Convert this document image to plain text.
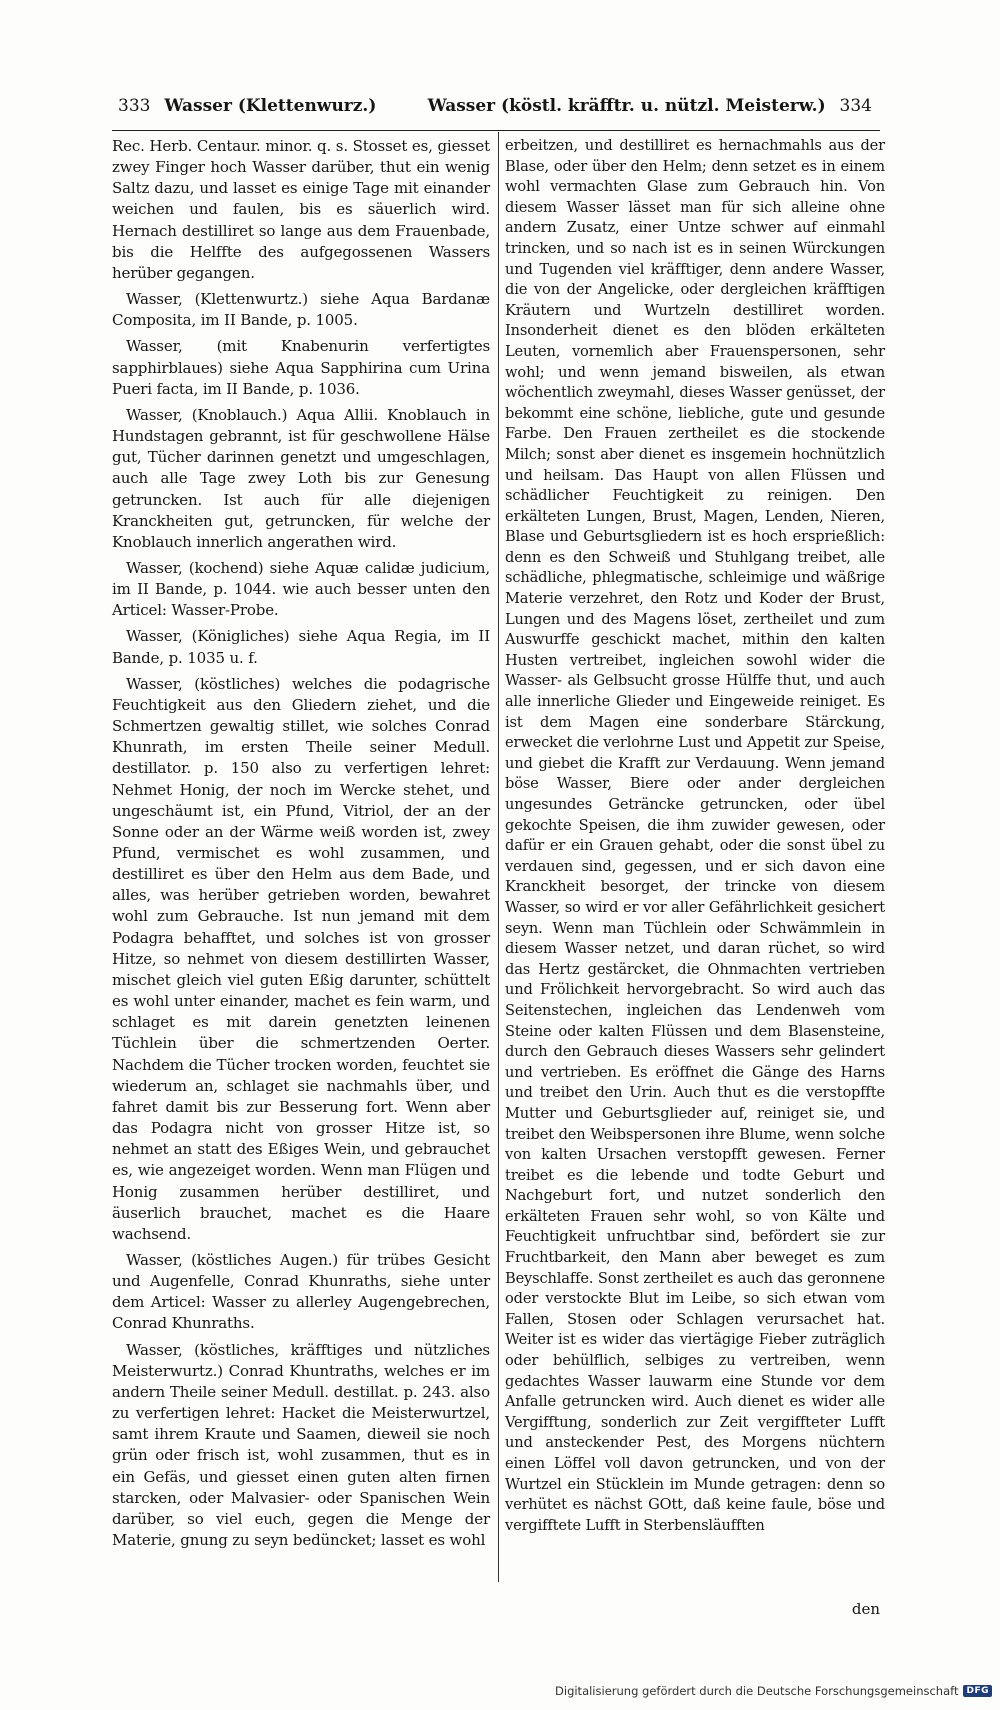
333 Wasser (Klettenwurz.)	Wasser (köstl. kräfftr. u. nützl. Meisterw.) 334

Rec. Herb. Centaur. minor. q. s. Stosset es, giesset zwey Finger hoch Wasser darüber, thut ein wenig Saltz dazu, und lasset es einige Tage mit einander weichen und faulen, bis es säuerlich wird. Hernach destilliret so lange aus dem Frauenbade, bis die Helffte des aufgegossenen Wassers herüber gegangen.

Wasser, (Klettenwurtz.) siehe Aqua Bardanæ Composita, im II Bande, p. 1005.

Wasser, (mit Knabenurin verfertigtes sapphirblaues) siehe Aqua Sapphirina cum Urina Pueri facta, im II Bande, p. 1036.

Wasser, (Knoblauch.) Aqua Allii. Knoblauch in Hundstagen gebrannt, ist für geschwollene Hälse gut, Tücher darinnen genetzt und umgeschlagen, auch alle Tage zwey Loth bis zur Genesung getruncken. Ist auch für alle diejenigen Kranckheiten gut, getruncken, für welche der Knoblauch innerlich angerathen wird.

Wasser, (kochend) siehe Aquæ calidæ judicium, im II Bande, p. 1044. wie auch besser unten den Articel: Wasser-Probe.

Wasser, (Königliches) siehe Aqua Regia, im II Bande, p. 1035 u. f.

Wasser, (köstliches) welches die podagrische Feuchtigkeit aus den Gliedern ziehet, und die Schmertzen gewaltig stillet, wie solches Conrad Khunrath, im ersten Theile seiner Medull. destillator. p. 150 also zu verfertigen lehret: Nehmet Honig, der noch im Wercke stehet, und ungeschäumt ist, ein Pfund, Vitriol, der an der Sonne oder an der Wärme weiß worden ist, zwey Pfund, vermischet es wohl zusammen, und destilliret es über den Helm aus dem Bade, und alles, was herüber getrieben worden, bewahret wohl zum Gebrauche. Ist nun jemand mit dem Podagra behafftet, und solches ist von grosser Hitze, so nehmet von diesem destillirten Wasser, mischet gleich viel guten Eßig darunter, schüttelt es wohl unter einander, machet es fein warm, und schlaget es mit darein genetzten leinenen Tüchlein über die schmertzenden Oerter. Nachdem die Tücher trocken worden, feuchtet sie wiederum an, schlaget sie nachmahls über, und fahret damit bis zur Besserung fort. Wenn aber das Podagra nicht von grosser Hitze ist, so nehmet an statt des Eßiges Wein, und gebrauchet es, wie angezeiget worden. Wenn man Flügen und Honig zusammen herüber destilliret, und äuserlich brauchet, machet es die Haare wachsend.

Wasser, (köstliches Augen.) für trübes Gesicht und Augenfelle, Conrad Khunraths, siehe unter dem Articel: Wasser zu allerley Augengebrechen, Conrad Khunraths.

Wasser, (köstliches, kräfftiges und nützliches Meisterwurtz.) Conrad Khuntraths, welches er im andern Theile seiner Medull. destillat. p. 243. also zu verfertigen lehret: Hacket die Meisterwurtzel, samt ihrem Kraute und Saamen, dieweil sie noch grün oder frisch ist, wohl zusammen, thut es in ein Gefäs, und giesset einen guten alten firnen starcken, oder Malvasier- oder Spanischen Wein darüber, so viel euch, gegen die Menge der Materie, gnung zu seyn bedüncket; lasset es wohl

erbeitzen, und destilliret es hernachmahls aus der Blase, oder über den Helm; denn setzet es in einem wohl vermachten Glase zum Gebrauch hin. Von diesem Wasser lässet man für sich alleine ohne andern Zusatz, einer Untze schwer auf einmahl trincken, und so nach ist es in seinen Würckungen und Tugenden viel kräfftiger, denn andere Wasser, die von der Angelicke, oder dergleichen kräfftigen Kräutern und Wurtzeln destilliret worden. Insonderheit dienet es den blöden erkälteten Leuten, vornemlich aber Frauenspersonen, sehr wohl; und wenn jemand bisweilen, als etwan wöchentlich zweymahl, dieses Wasser genüsset, der bekommt eine schöne, liebliche, gute und gesunde Farbe. Den Frauen zertheilet es die stockende Milch; sonst aber dienet es insgemein hochnützlich und heilsam. Das Haupt von allen Flüssen und schädlicher Feuchtigkeit zu reinigen. Den erkälteten Lungen, Brust, Magen, Lenden, Nieren, Blase und Geburtsgliedern ist es hoch ersprießlich: denn es den Schweiß und Stuhlgang treibet, alle schädliche, phlegmatische, schleimige und wäßrige Materie verzehret, den Rotz und Koder der Brust, Lungen und des Magens löset, zertheilet und zum Auswurffe geschickt machet, mithin den kalten Husten vertreibet, ingleichen sowohl wider die Wasser- als Gelbsucht grosse Hülffe thut, und auch alle innerliche Glieder und Eingeweide reiniget. Es ist dem Magen eine sonderbare Stärckung, erwecket die verlohrne Lust und Appetit zur Speise, und giebet die Krafft zur Verdauung. Wenn jemand böse Wasser, Biere oder ander dergleichen ungesundes Geträncke getruncken, oder übel gekochte Speisen, die ihm zuwider gewesen, oder dafür er ein Grauen gehabt, oder die sonst übel zu verdauen sind, gegessen, und er sich davon eine Kranckheit besorget, der trincke von diesem Wasser, so wird er vor aller Gefährlichkeit gesichert seyn. Wenn man Tüchlein oder Schwämmlein in diesem Wasser netzet, und daran rüchet, so wird das Hertz gestärcket, die Ohnmachten vertrieben und Frölichkeit hervorgebracht. So wird auch das Seitenstechen, ingleichen das Lendenweh vom Steine oder kalten Flüssen und dem Blasensteine, durch den Gebrauch dieses Wassers sehr gelindert und vertrieben. Es eröffnet die Gänge des Harns und treibet den Urin. Auch thut es die verstopffte Mutter und Geburtsglieder auf, reiniget sie, und treibet den Weibspersonen ihre Blume, wenn solche von kalten Ursachen verstopfft gewesen. Ferner treibet es die lebende und todte Geburt und Nachgeburt fort, und nutzet sonderlich den erkälteten Frauen sehr wohl, so von Kälte und Feuchtigkeit unfruchtbar sind, befördert sie zur Fruchtbarkeit, den Mann aber beweget es zum Beyschlaffe. Sonst zertheilet es auch das geronnene oder verstockte Blut im Leibe, so sich etwan vom Fallen, Stosen oder Schlagen verursachet hat. Weiter ist es wider das viertägige Fieber zuträglich oder behülflich, selbiges zu vertreiben, wenn gedachtes Wasser lauwarm eine Stunde vor dem Anfalle getruncken wird. Auch dienet es wider alle Vergifftung, sonderlich zur Zeit vergiffteter Lufft und ansteckender Pest, des Morgens nüchtern einen Löffel voll davon getruncken, und von der Wurtzel ein Stücklein im Munde getragen: denn so verhütet es nächst GOtt, daß keine faule, böse und vergifftete Lufft in Sterbensläufften

den
Digitalisierung gefördert durch die Deutsche Forschungsgemeinschaft DFG
